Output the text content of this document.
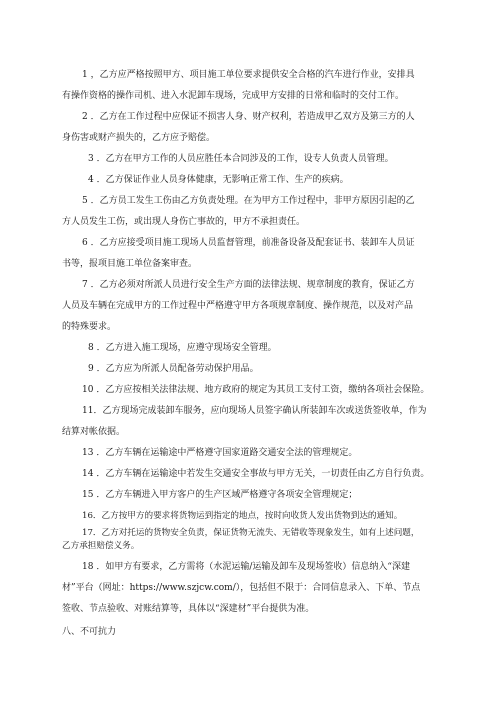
1 ，乙方应严格按照甲方、项目施工单位要求提供安全合格的汽车进行作业，安排具
有操作资格的操作司机、进入水泥卸车现场，完成甲方安排的日常和临时的交付工作。
2 ．乙方在工作过程中应保证不损害人身、财产权利，若造成甲乙双方及第三方的人
身伤害或财产损失的，乙方应予赔偿。
3 ．乙方在甲方工作的人员应胜任本合同涉及的工作，设专人负责人员管理。
4 ．乙方保证作业人员身体健康，无影响正常工作、生产的疾病。
5 ．乙方员工发生工伤由乙方负责处理。在为甲方工作过程中，非甲方原因引起的乙
方人员发生工伤，或出现人身伤亡事故的，甲方不承担责任。
6 ．乙方应接受项目施工现场人员监督管理，前准备设备及配套证书、装卸车人员证
书等，报项目施工单位备案审查。
7 ．乙方必须对所派人员进行安全生产方面的法律法规、规章制度的教育，保证乙方
人员及车辆在完成甲方的工作过程中严格遵守甲方各项规章制度、操作规范，以及对产品
的特殊要求。
8 ．乙方进入施工现场，应遵守现场安全管理。
9 ．乙方应为所派人员配备劳动保护用品。
10 ．乙方应按相关法律法规、地方政府的规定为其员工支付工资，缴纳各项社会保险。
11．乙方现场完成装卸车服务，应向现场人员签字确认所装卸车次或送货签收单，作为
结算对帐依据。
13 ．乙方车辆在运输途中严格遵守国家道路交通安全法的管理规定。
14 ．乙方车辆在运输途中若发生交通安全事故与甲方无关，一切责任由乙方自行负责。
15 ．乙方车辆进入甲方客户的生产区域严格遵守各项安全管理规定；
16．乙方按甲方的要求将货物运到指定的地点，按时向收货人发出货物到达的通知。
17．乙方对托运的货物安全负责，保证货物无流失、无错收等现象发生，如有上述问题，
乙方承担赔偿义务。
18 ．如甲方有要求，乙方需将（水泥运输/运输及卸车及现场签收）信息纳入“深建
材”平台（网址：https://www.szjcw.com/），包括但不限于：合同信息录入、下单、节点
签收、节点验收、对账结算等，具体以“深建材”平台提供为准。
八、不可抗力
